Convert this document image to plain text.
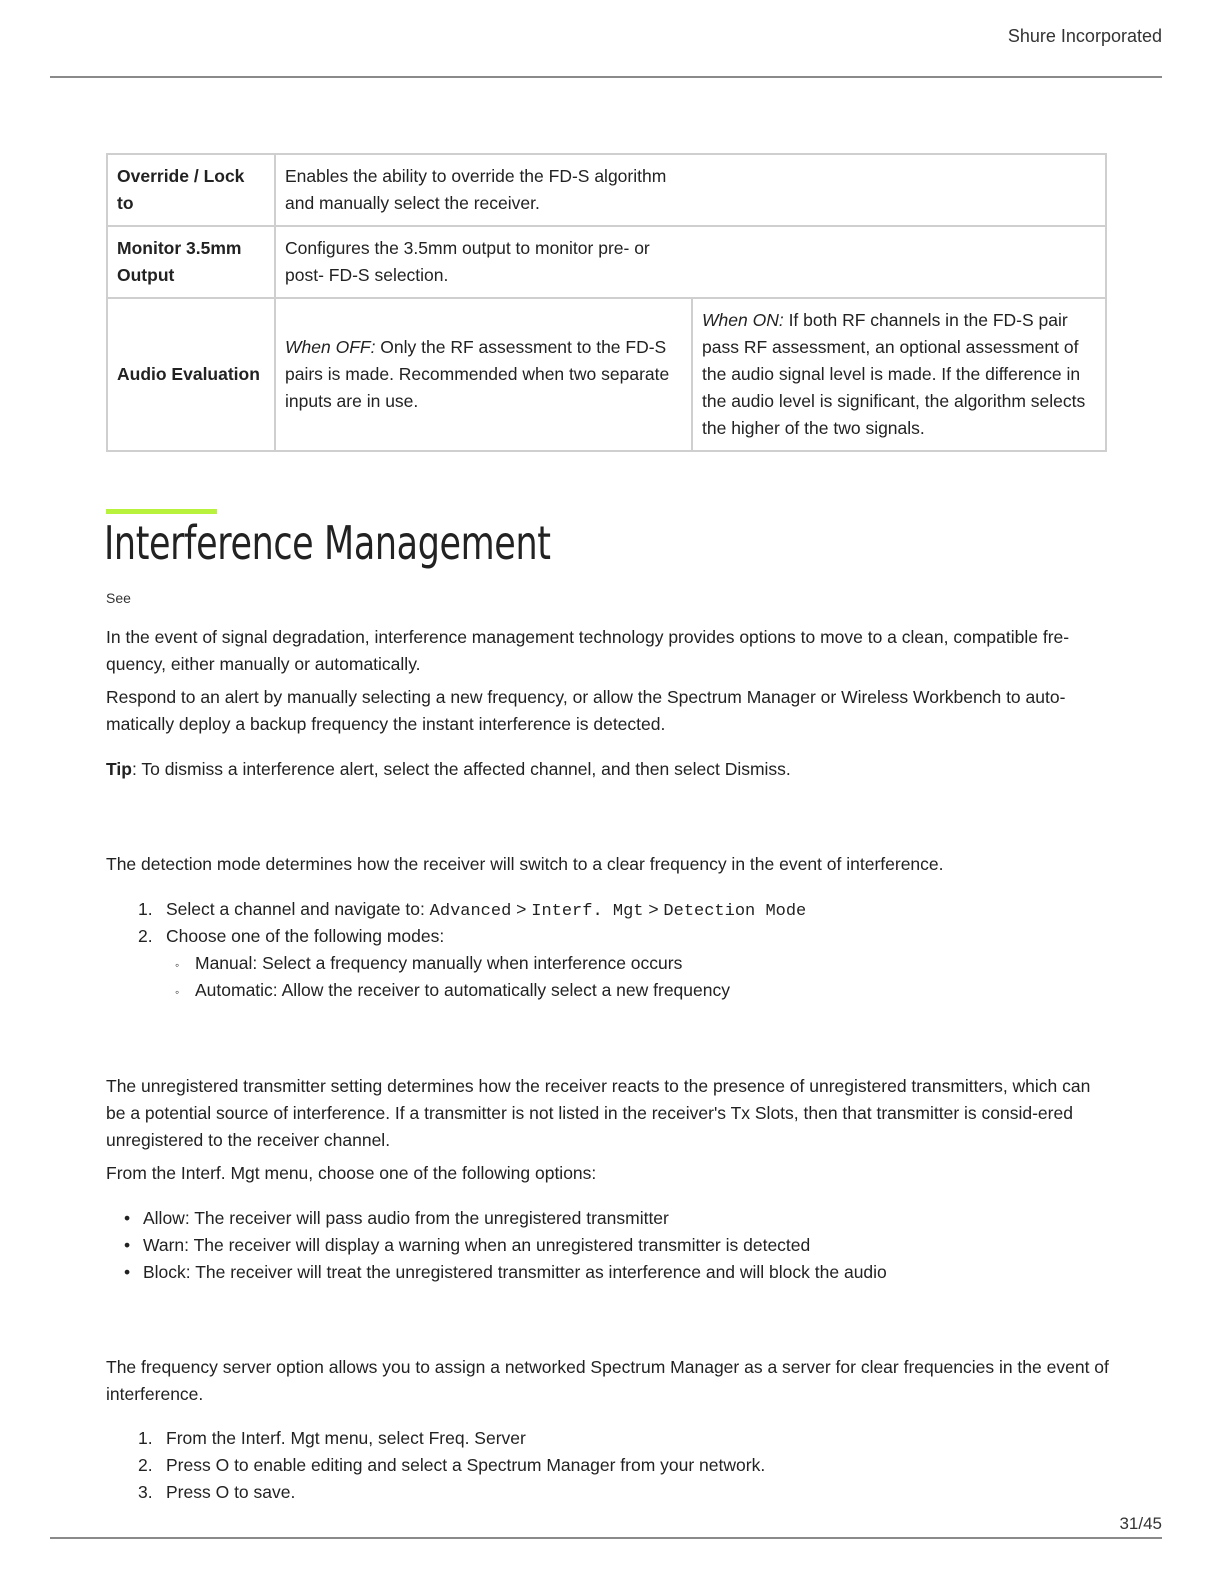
Shure Incorporated
Override / Lock to	Enables the ability to override the FD-S algorithm and manually select the receiver.	

Monitor 3.5mm Output	Configures the 3.5mm output to monitor pre- or post- FD-S selection.	

Audio Evaluation	When OFF: Only the RF assessment to the FD-S pairs is made. Recommended when two separate inputs are in use.	When ON: If both RF channels in the FD-S pair pass RF assessment, an optional assessment of the audio signal level is made. If the difference in the audio level is significant, the algorithm selects the higher of the two signals.
Interference Management
See

In the event of signal degradation, interference management technology provides options to move to a clean, compatible fre-quency, either manually or automatically.

Respond to an alert by manually selecting a new frequency, or allow the Spectrum Manager or Wireless Workbench to auto-matically deploy a backup frequency the instant interference is detected.

Tip: To dismiss a interference alert, select the affected channel, and then select Dismiss.

The detection mode determines how the receiver will switch to a clear frequency in the event of interference.

1. Select a channel and navigate to: Advanced > Interf. Mgt > Detection Mode
2. Choose one of the following modes:
◦ Manual: Select a frequency manually when interference occurs
◦ Automatic: Allow the receiver to automatically select a new frequency

The unregistered transmitter setting determines how the receiver reacts to the presence of unregistered transmitters, which can be a potential source of interference. If a transmitter is not listed in the receiver's Tx Slots, then that transmitter is consid-ered unregistered to the receiver channel.

From the Interf. Mgt menu, choose one of the following options:

• Allow: The receiver will pass audio from the unregistered transmitter
• Warn: The receiver will display a warning when an unregistered transmitter is detected
• Block: The receiver will treat the unregistered transmitter as interference and will block the audio

The frequency server option allows you to assign a networked Spectrum Manager as a server for clear frequencies in the event of interference.

1. From the Interf. Mgt menu, select Freq. Server
2. Press O to enable editing and select a Spectrum Manager from your network.
3. Press O to save.
31/45
